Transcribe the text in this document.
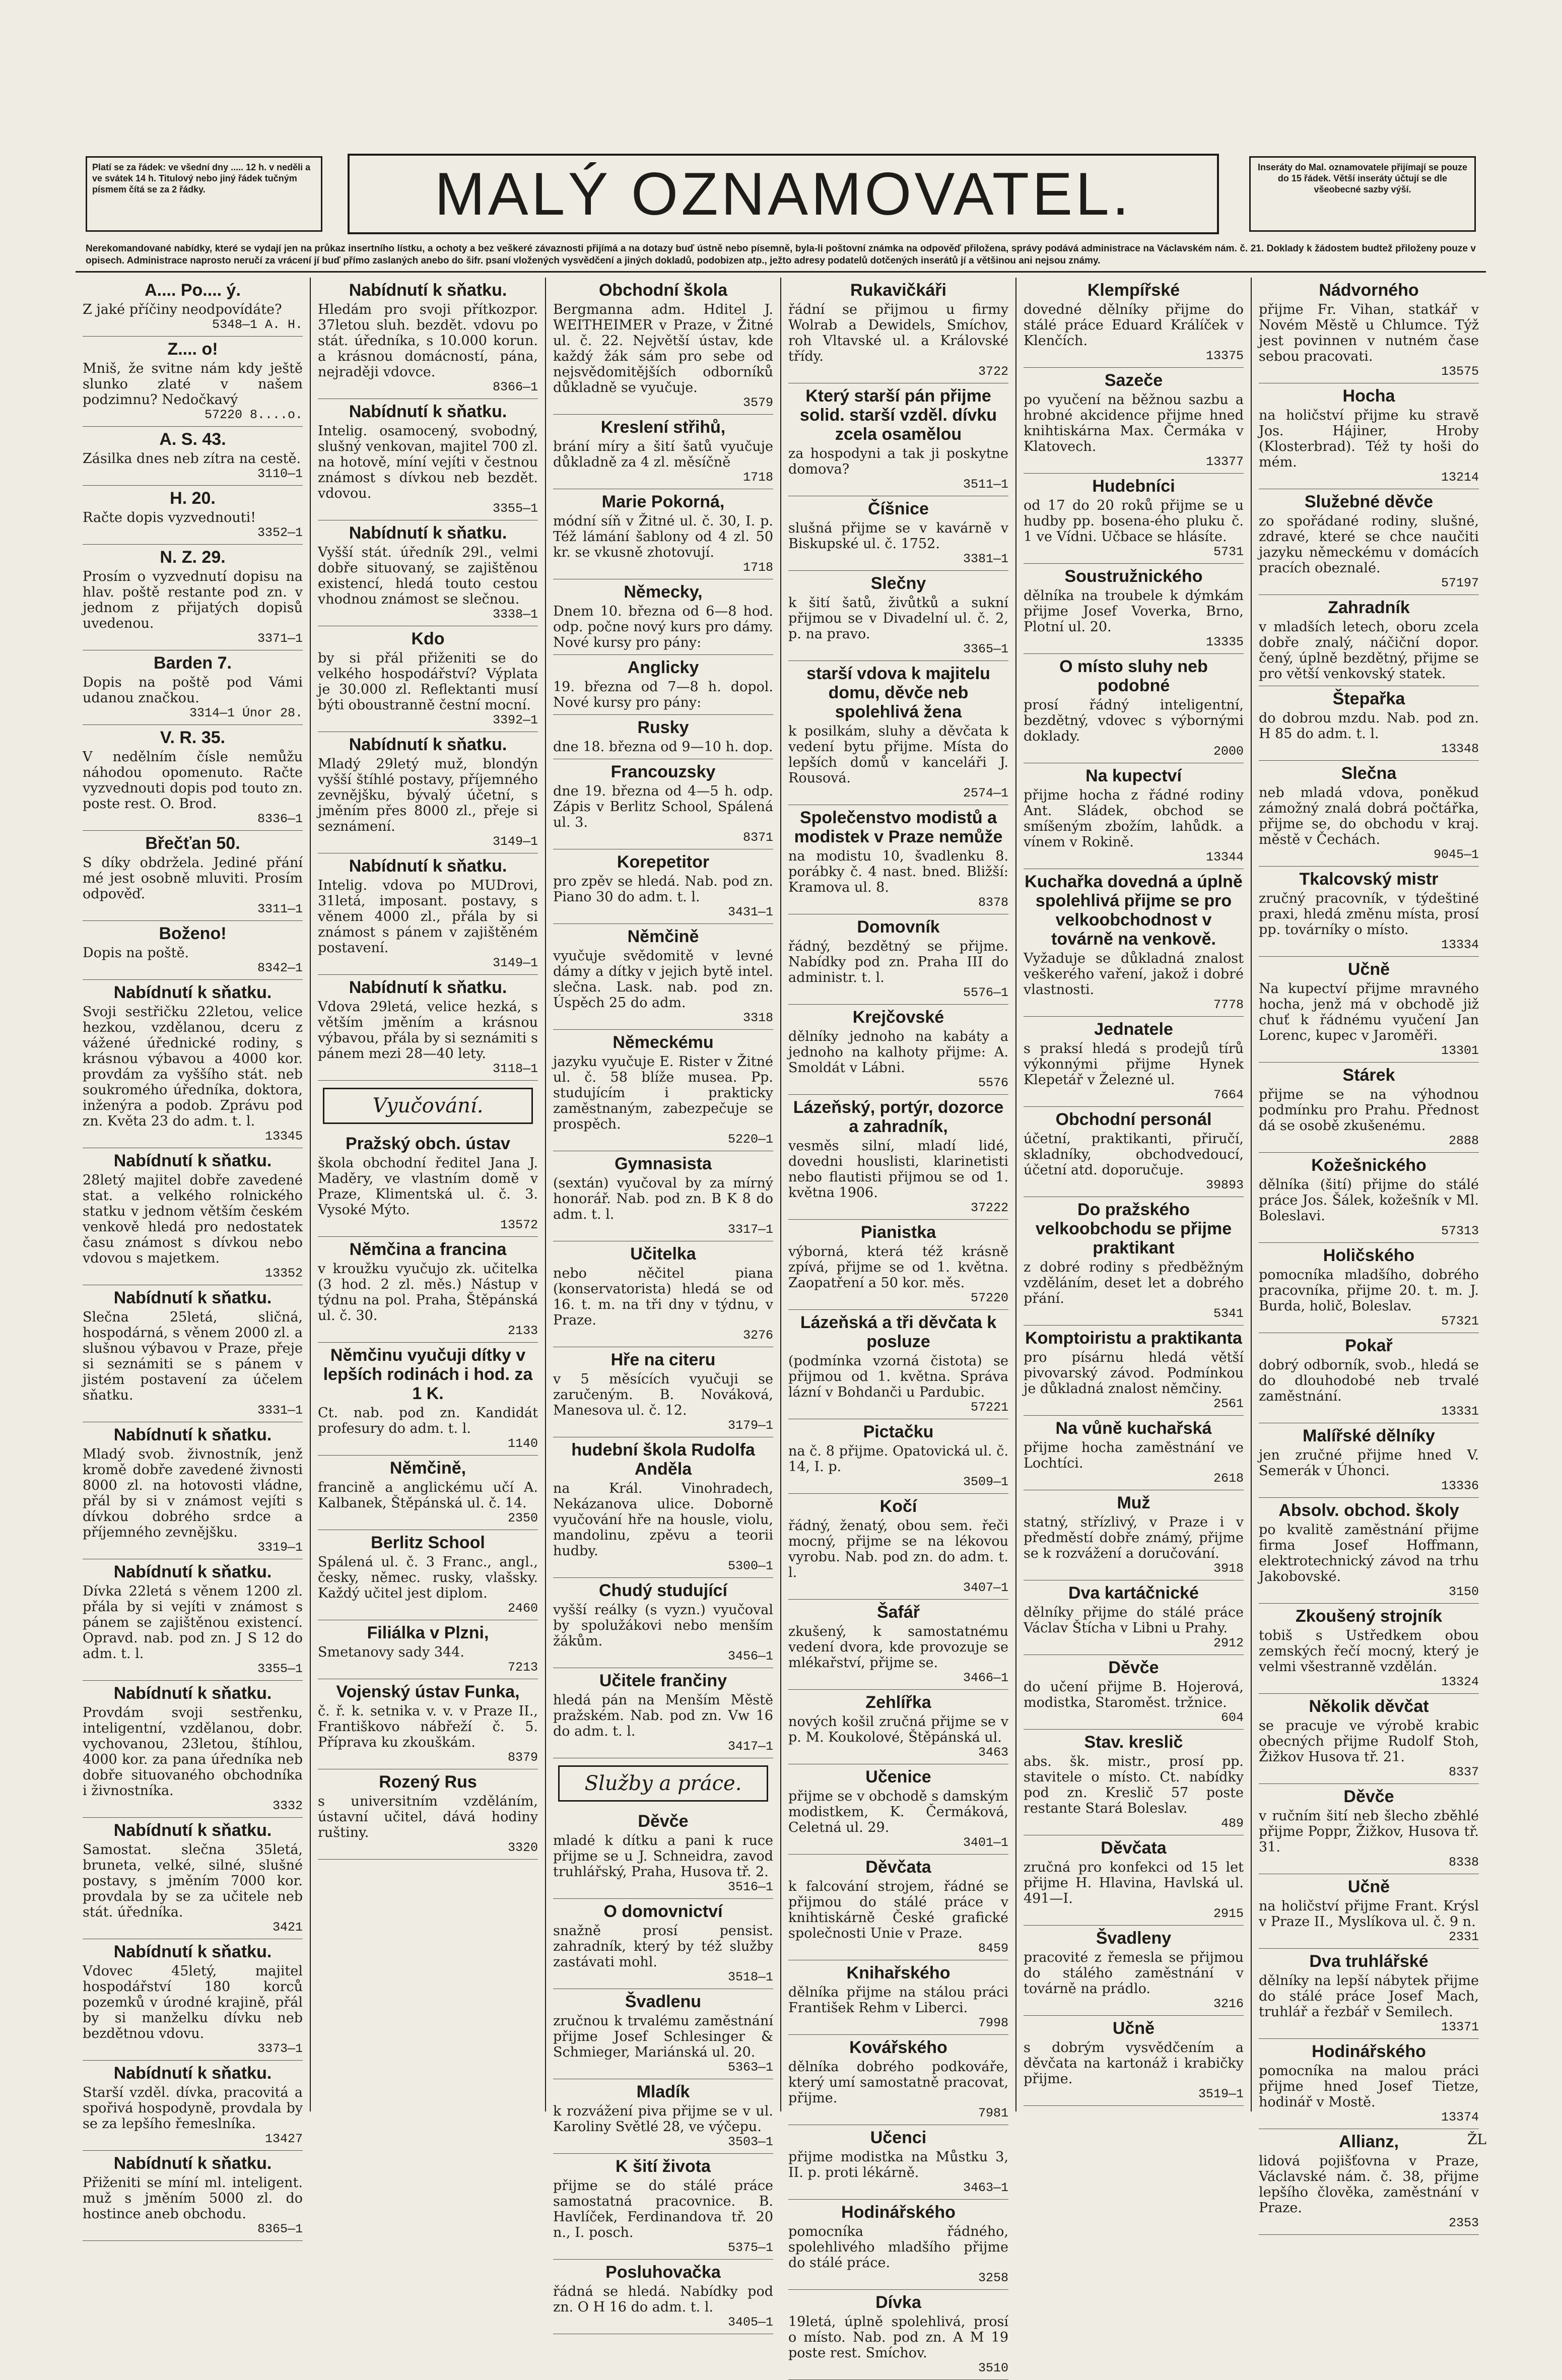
Platí se za řádek: ve všední dny ..... 12 h. v neděli a ve svátek 14 h. Titulový nebo jiný řádek tučným písmem čítá se za 2 řádky.	MALÝ OZNAMOVATEL.	Inseráty do Mal. oznamovatele přijímají se pouze do 15 řádek. Větší inseráty účtují se dle všeobecné sazby výší.
Nerekomandované nabídky, které se vydají jen na průkaz insertního lístku, a ochoty a bez veškeré závaznosti přijímá a na dotazy buď ústně nebo písemně, byla-li poštovní známka na odpověď přiložena, správy podává administrace na Václavském nám. č. 21. Doklady k žádostem budtež přiloženy pouze v opisech. Administrace naprosto neručí za vrácení jí buď přímo zaslaných anebo do šifr. psaní vložených vysvědčení a jiných dokladů, podobizen atp., ježto adresy podatelů dotčených inserátů jí a většinou ani nejsou známy.
A.... Po.... ý.

Z jaké příčiny neodpovídáte?

5348—1 A. H.
Z.... o!

Mniš, že svitne nám kdy ještě slunko zlaté v našem podzimnu? Nedočkavý

57220 8....o.
A. S. 43.

Zásilka dnes neb zítra na cestě.

3110—1
H. 20.

Račte dopis vyzvednouti!

3352—1
N. Z. 29.

Prosím o vyzvednutí dopisu na hlav. poště restante pod zn. v jednom z přijatých dopisů uvedenou.

3371—1
Barden 7.

Dopis na poště pod Vámi udanou značkou.

3314—1 Únor 28.
V. R. 35.

V nedělním čísle nemůžu náhodou opomenuto. Račte vyzvednouti dopis pod touto zn. poste rest. O. Brod.

8336—1
Břečťan 50.

S díky obdržela. Jediné přání mé jest osobně mluviti. Prosím odpověď.

3311—1
Boženo!

Dopis na poště.

8342—1
Nabídnutí k sňatku.

Svoji sestřičku 22letou, velice hezkou, vzdělanou, dceru z vážené úřednické rodiny, s krásnou výbavou a 4000 kor. provdám za vyššího stát. neb soukromého úředníka, doktora, inženýra a podob. Zprávu pod zn. Květa 23 do adm. t. l.

13345
Nabídnutí k sňatku.

28letý majitel dobře zavedené stat. a velkého rolnického statku v jednom větším českém venkově hledá pro nedostatek času známost s dívkou nebo vdovou s majetkem.

13352
Nabídnutí k sňatku.

Slečna 25letá, sličná, hospodárná, s věnem 2000 zl. a slušnou výbavou v Praze, přeje si seznámiti se s pánem v jistém postavení za účelem sňatku.

3331—1
Nabídnutí k sňatku.

Mladý svob. živnostník, jenž kromě dobře zavedené živnosti 8000 zl. na hotovosti vládne, přál by si v známost vejíti s dívkou dobrého srdce a příjemného zevnějšku.

3319—1
Nabídnutí k sňatku.

Dívka 22letá s věnem 1200 zl. přála by si vejíti v známost s pánem se zajištěnou existencí. Opravd. nab. pod zn. J S 12 do adm. t. l.

3355—1
Nabídnutí k sňatku.

Provdám svoji sestřenku, inteligentní, vzdělanou, dobr. vychovanou, 23letou, štíhlou, 4000 kor. za pana úředníka neb dobře situovaného obchodníka i živnostníka.

3332
Nabídnutí k sňatku.

Samostat. slečna 35letá, bruneta, velké, silné, slušné postavy, s jměním 7000 kor. provdala by se za učitele neb stát. úředníka.

3421
Nabídnutí k sňatku.

Vdovec 45letý, majitel hospodářství 180 korců pozemků v úrodné krajině, přál by si manželku dívku neb bezdětnou vdovu.

3373—1
Nabídnutí k sňatku.

Starší vzděl. dívka, pracovitá a spořivá hospodyně, provdala by se za lepšího řemeslníka.

13427
Nabídnutí k sňatku.

Přiženiti se míní ml. inteligent. muž s jměním 5000 zl. do hostince aneb obchodu.

8365—1
Nabídnutí k sňatku.

Hledám pro svoji přítkozpor. 37letou sluh. bezdět. vdovu po stát. úředníka, s 10.000 korun. a krásnou domácností, pána, nejraději vdovce.

8366—1
Nabídnutí k sňatku.

Intelig. osamocený, svobodný, slušný venkovan, majitel 700 zl. na hotově, míní vejíti v čestnou známost s dívkou neb bezdět. vdovou.

3355—1
Nabídnutí k sňatku.

Vyšší stát. úředník 29l., velmi dobře situovaný, se zajištěnou existencí, hledá touto cestou vhodnou známost se slečnou.

3338—1
Kdo

by si přál přiženiti se do velkého hospodářství? Výplata je 30.000 zl. Reflektanti musí býti oboustranně čestní mocní.

3392—1
Nabídnutí k sňatku.

Mladý 29letý muž, blondýn vyšší štíhlé postavy, příjemného zevnějšku, bývalý účetní, s jměním přes 8000 zl., přeje si seznámení.

3149—1
Nabídnutí k sňatku.

Intelig. vdova po MUDrovi, 31letá, imposant. postavy, s věnem 4000 zl., přála by si známost s pánem v zajištěném postavení.

3149—1
Nabídnutí k sňatku.

Vdova 29letá, velice hezká, s větším jměním a krásnou výbavou, přála by si seznámiti s pánem mezi 28—40 lety.

3118—1
Vyučování.
Pražský obch. ústav

škola obchodní ředitel Jana J. Maděry, ve vlastním domě v Praze, Klimentská ul. č. 3. Vysoké Mýto.

13572
Němčina a francina

v kroužku vyučujo zk. učitelka (3 hod. 2 zl. měs.) Nástup v týdnu na pol. Praha, Štěpánská ul. č. 30.

2133
Němčinu vyučuji dítky v lepších rodinách i hod. za 1 K.

Ct. nab. pod zn. Kandidát profesury do adm. t. l.

1140
Němčině,

francině a anglickému učí A. Kalbanek, Štěpánská ul. č. 14.

2350
Berlitz School

Spálená ul. č. 3 Franc., angl., česky, němec. rusky, vlašsky. Každý učitel jest diplom.

2460
Filiálka v Plzni,

Smetanovy sady 344.

7213
Vojenský ústav Funka,

č. ř. k. setnika v. v. v Praze II., Františkovo nábřeží č. 5. Příprava ku zkouškám.

8379
Rozený Rus

s universitním vzděláním, ústavní učitel, dává hodiny ruštiny.

3320
Obchodní škola

Bergmanna adm. Hditel J. WEITHEIMER v Praze, v Žitné ul. č. 22. Největší ústav, kde každý žák sám pro sebe od nejsvědomitějších odborníků důkladně se vyučuje.

3579
Kreslení střihů,

brání míry a šití šatů vyučuje důkladně za 4 zl. měsíčně

1718
Marie Pokorná,

módní síň v Žitné ul. č. 30, I. p. Též lámání šablony od 4 zl. 50 kr. se vkusně zhotovují.

1718
Německy,

Dnem 10. března od 6—8 hod. odp. počne nový kurs pro dámy. Nové kursy pro pány:

Anglicky

19. března od 7—8 h. dopol. Nové kursy pro pány:

Rusky

dne 18. března od 9—10 h. dop.

Francouzsky

dne 19. března od 4—5 h. odp. Zápis v Berlitz School, Spálená ul. 3.

8371
Korepetitor

pro zpěv se hledá. Nab. pod zn. Piano 30 do adm. t. l.

3431—1
Němčině

vyučuje svědomitě v levné dámy a dítky v jejich bytě intel. slečna. Lask. nab. pod zn. Úspěch 25 do adm.

3318
Německému

jazyku vyučuje E. Rister v Žitné ul. č. 58 blíže musea. Pp. studujícím i prakticky zaměstnaným, zabezpečuje se prospěch.

5220—1
Gymnasista

(sextán) vyučoval by za mírný honorář. Nab. pod zn. B K 8 do adm. t. l.

3317—1
Učitelka

nebo něčitel piana (konservatorista) hledá se od 16. t. m. na tři dny v týdnu, v Praze.

3276
Hře na citeru

v 5 měsících vyučuji se zaručeným. B. Nováková, Manesova ul. č. 12.

3179—1
hudební škola Rudolfa Anděla

na Král. Vinohradech, Nekázanova ulice. Doborně vyučování hře na housle, violu, mandolinu, zpěvu a teorii hudby.

5300—1
Chudý studující

vyšší reálky (s vyzn.) vyučoval by spolužákovi nebo menším žákům.

3456—1
Učitele frančiny

hledá pán na Menším Městě pražském. Nab. pod zn. Vw 16 do adm. t. l.

3417—1
Služby a práce.
Děvče

mladé k dítku a pani k ruce přijme se u J. Schneidra, zavod truhlářský, Praha, Husova tř. 2.

3516—1
O domovnictví

snažně prosí pensist. zahradník, který by též služby zastávati mohl.

3518—1
Švadlenu

zručnou k trvalému zaměstnání přijme Josef Schlesinger & Schmieger, Mariánská ul. 20.

5363—1
Mladík

k rozvážení piva přijme se v ul. Karoliny Světlé 28, ve výčepu.

3503—1
K šití života

přijme se do stálé práce samostatná pracovnice. B. Havlíček, Ferdinandova tř. 20 n., I. posch.

5375—1
Posluhovačka

řádná se hledá. Nabídky pod zn. O H 16 do adm. t. l.

3405—1
Rukavičkáři

řádní se přijmou u firmy Wolrab a Dewidels, Smíchov, roh Vltavské ul. a Královské třídy.

3722
Který starší pán přijme solid. starší vzděl. dívku zcela osamělou

za hospodyni a tak ji poskytne domova?

3511—1
Číšnice

slušná přijme se v kavárně v Biskupské ul. č. 1752.

3381—1
Slečny

k šití šatů, živůtků a sukní přijmou se v Divadelní ul. č. 2, p. na pravo.

3365—1
starší vdova k majitelu domu, děvče neb spolehlivá žena

k posilkám, sluhy a děvčata k vedení bytu přijme. Místa do lepších domů v kanceláři J. Rousová.

2574—1
Společenstvo modistů a modistek v Praze nemůže

na modistu 10, švadlenku 8. porábky č. 4 nast. bned. Bližší: Kramova ul. 8.

8378
Domovník

řádný, bezdětný se přijme. Nabídky pod zn. Praha III do administr. t. l.

5576—1
Krejčovské

dělníky jednoho na kabáty a jednoho na kalhoty přijme: A. Smoldát v Lábni.

5576
Lázeňský, portýr, dozorce a zahradník,

vesměs silní, mladí lidé, dovedni houslisti, klarinetisti nebo flautisti přijmou se od 1. května 1906.

37222
Pianistka

výborná, která též krásně zpívá, přijme se od 1. května. Zaopatření a 50 kor. měs.

57220
Lázeňská a tři děvčata k posluze

(podmínka vzorná čistota) se přijmou od 1. května. Správa lázní v Bohdanči u Pardubic.

57221
Pictačku

na č. 8 přijme. Opatovická ul. č. 14, I. p.

3509—1
Kočí

řádný, ženatý, obou sem. řeči mocný, přijme se na lékovou vyrobu. Nab. pod zn. do adm. t. l.

3407—1
Šafář

zkušený, k samostatnému vedení dvora, kde provozuje se mlékařství, přijme se.

3466—1
Zehlířka

nových košil zručná přijme se v p. M. Koukolové, Štěpánská ul.

3463
Učenice

přijme se v obchodě s damským modistkem, K. Čermáková, Celetná ul. 29.

3401—1
Děvčata

k falcování strojem, řádné se přijmou do stálé práce v knihtiskárně České grafické společnosti Unie v Praze.

8459
Knihařského

dělníka přijme na stálou práci František Rehm v Liberci.

7998
Kovářského

dělníka dobrého podkováře, který umí samostatně pracovat, přijme.

7981
Učenci

přijme modistka na Můstku 3, II. p. proti lékárně.

3463—1
Hodinářského

pomocníka řádného, spolehlivého mladšího přijme do stálé práce.

3258
Dívka

19letá, úplně spolehlivá, prosí o místo. Nab. pod zn. A M 19 poste rest. Smíchov.

3510
Klempířské

dovedné dělníky přijme do stálé práce Eduard Králíček v Klenčích.

13375
Sazeče

po vyučení na běžnou sazbu a hrobné akcidence přijme hned knihtiskárna Max. Čermáka v Klatovech.

13377
Hudebníci

od 17 do 20 roků přijme se u hudby pp. bosena-ého pluku č. 1 ve Vídni. Učbace se hlásíte.

5731
Soustružnického

dělníka na troubele k dýmkám přijme Josef Voverka, Brno, Plotní ul. 20.

13335
O místo sluhy neb podobné

prosí řádný inteligentní, bezdětný, vdovec s výbornými doklady.

2000
Na kupectví

přijme hocha z řádné rodiny Ant. Sládek, obchod se smíšeným zbožím, lahůdk. a vínem v Rokině.

13344
Kuchařka dovedná a úplně spolehlivá přijme se pro velkoobchodnost v továrně na venkově.

Vyžaduje se důkladná znalost veškerého vaření, jakož i dobré vlastnosti.

7778
Jednatele

s praksí hledá s prodejů tírů výkonnými přijme Hynek Klepetář v Železné ul.

7664
Obchodní personál

účetní, praktikanti, přiručí, skladníky, obchodvedoucí, účetní atd. doporučuje.

39893
Do pražského velkoobchodu se přijme praktikant

z dobré rodiny s předběžným vzděláním, deset let a dobrého přání.

5341
Komptoiristu a praktikanta

pro písárnu hledá větší pivovarský závod. Podmínkou je důkladná znalost němčiny.

2561
Na vůně kuchařská

přijme hocha zaměstnání ve Lochtíci.

2618
Muž

statný, střízlivý, v Praze i v předměstí dobře známý, přijme se k rozvážení a doručování.

3918
Dva kartáčnické

dělníky přijme do stálé práce Václav Štícha v Libni u Prahy.

2912
Děvče

do učení přijme B. Hojerová, modistka, Staroměst. tržnice.

604
Stav. kreslič

abs. šk. mistr., prosí pp. stavitele o místo. Ct. nabídky pod zn. Kreslič 57 poste restante Stará Boleslav.

489
Děvčata

zručná pro konfekci od 15 let přijme H. Hlavina, Havlská ul. 491—I.

2915
Švadleny

pracovité z řemesla se přijmou do stálého zaměstnání v továrně na prádlo.

3216
Učně

s dobrým vysvědčením a děvčata na kartonáž i krabičky přijme.

3519—1
Nádvorného

přijme Fr. Vihan, statkář v Novém Městě u Chlumce. Týž jest povinnen v nutném čase sebou pracovati.

13575
Hocha

na holičství přijme ku stravě Jos. Hájiner, Hroby (Klosterbrad). Též ty hoši do mém.

13214
Služebné děvče

zo spořádané rodiny, slušné, zdravé, které se chce naučiti jazyku německému v domácích pracích obeznalé.

57197
Zahradník

v mladších letech, oboru zcela dobře znalý, náčiční dopor. čený, úplně bezdětný, přijme se pro větší venkovský statek.

Štepařka

do dobrou mzdu. Nab. pod zn. H 85 do adm. t. l.

13348
Slečna

neb mladá vdova, poněkud zámožný znalá dobrá počtářka, přijme se, do obchodu v kraj. městě v Čechách.

9045—1
Tkalcovský mistr

zručný pracovník, v týdeštiné praxi, hledá změnu místa, prosí pp. továrníky o místo.

13334
Učně

Na kupectví přijme mravného hocha, jenž má v obchodě již chuť k řádnému vyučení Jan Lorenc, kupec v Jaroměři.

13301
Stárek

přijme se na výhodnou podmínku pro Prahu. Přednost dá se osobě zkušenému.

2888
Kožešnického

dělníka (šití) přijme do stálé práce Jos. Šálek, kožešník v Ml. Boleslavi.

57313
Holičského

pomocníka mladšího, dobrého pracovníka, přijme 20. t. m. J. Burda, holič, Boleslav.

57321
Pokař

dobrý odborník, svob., hledá se do dlouhodobé neb trvalé zaměstnání.

13331
Malířské dělníky

jen zručné přijme hned V. Semerák v Úhonci.

13336
Absolv. obchod. školy

po kvalitě zaměstnání přijme firma Josef Hoffmann, elektrotechnický závod na trhu Jakobovské.

3150
Zkoušený strojník

tobiš s Ustředkem obou zemských řečí mocný, který je velmi všestranně vzdělán.

13324
Několik děvčat

se pracuje ve výrobě krabic obecných přijme Rudolf Stoh, Žižkov Husova tř. 21.

8337
Děvče

v ručním šití neb šlecho zběhlé přijme Poppr, Žižkov, Husova tř. 31.

8338
Učně

na holičství přijme Frant. Krýsl v Praze II., Myslíkova ul. č. 9 n.

2331
Dva truhlářské

dělníky na lepší nábytek přijme do stálé práce Josef Mach, truhlář a řezbář v Semilech.

13371
Hodinářského

pomocníka na malou práci přijme hned Josef Tietze, hodinář v Mostě.

13374
Allianz,

lidová pojišťovna v Praze, Václavské nám. č. 38, přijme lepšího člověka, zaměstnání v Praze.

2353
ŽL
